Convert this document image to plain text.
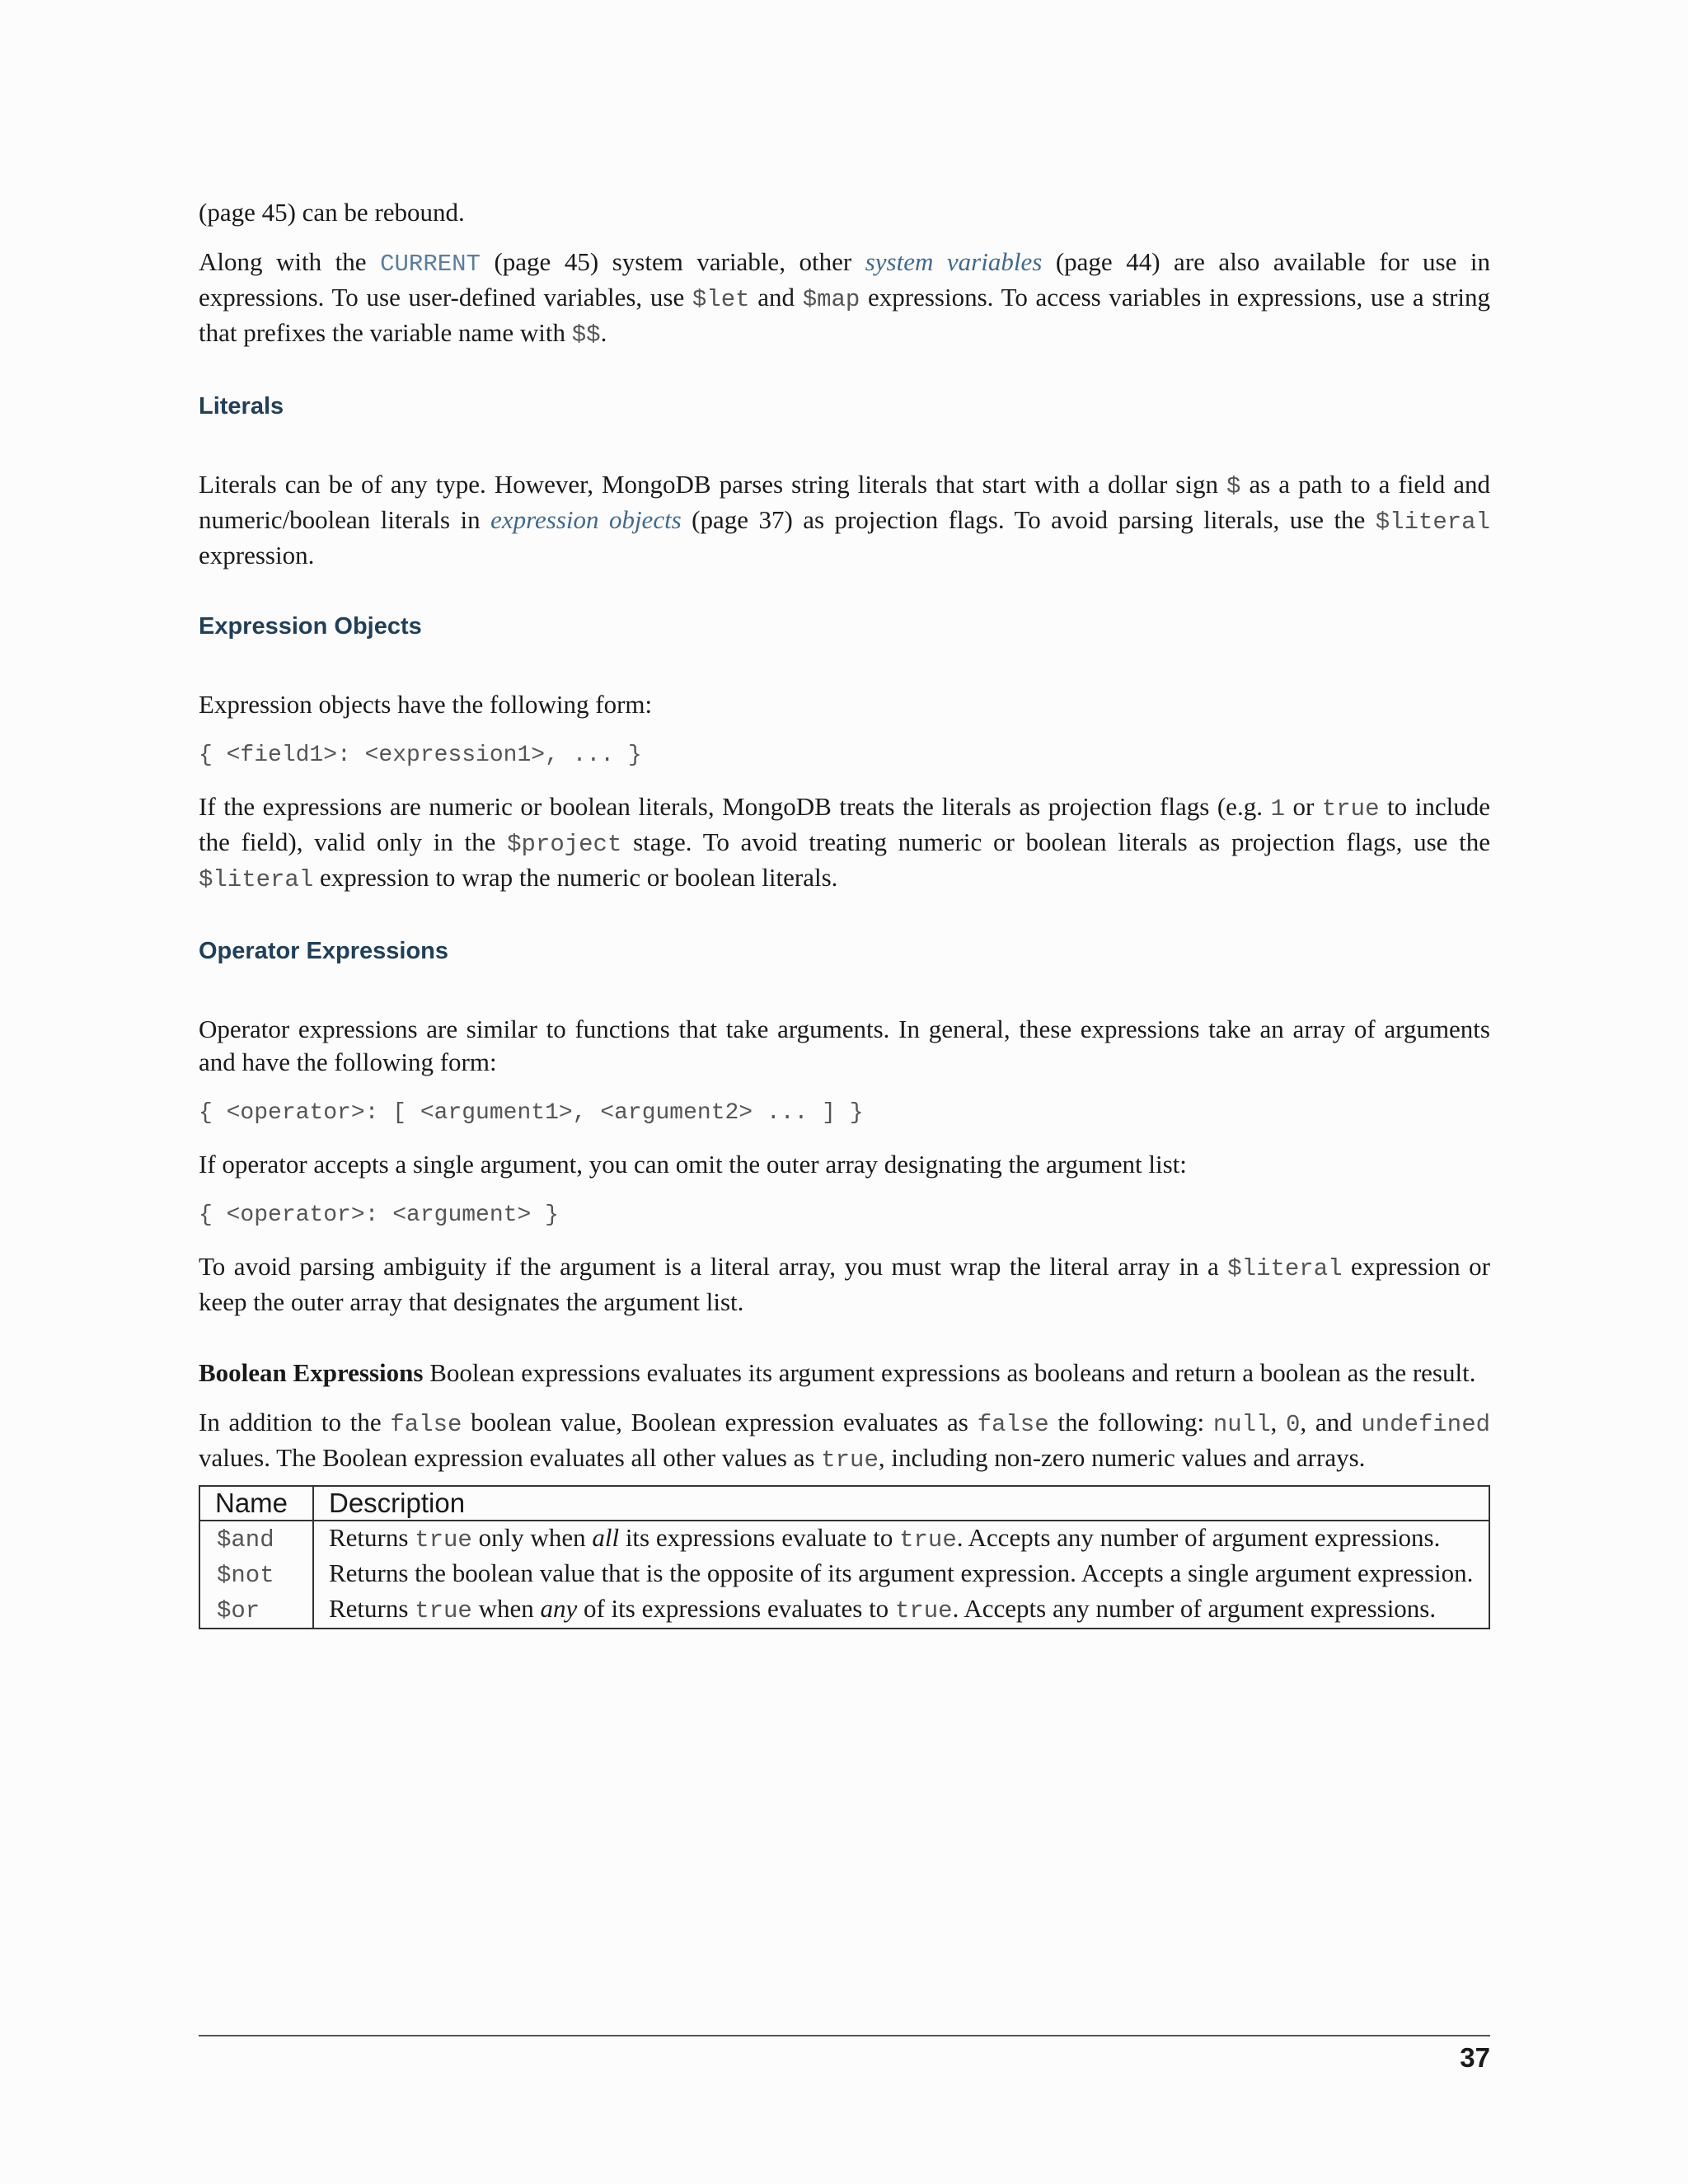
(page 45) can be rebound.

Along with the CURRENT (page 45) system variable, other system variables (page 44) are also available for use in expressions. To use user-defined variables, use $let and $map expressions. To access variables in expressions, use a string that prefixes the variable name with $$.

Literals

Literals can be of any type. However, MongoDB parses string literals that start with a dollar sign $ as a path to a field and numeric/boolean literals in expression objects (page 37) as projection flags. To avoid parsing literals, use the $literal expression.

Expression Objects

Expression objects have the following form:

{ <field1>: <expression1>, ... }

If the expressions are numeric or boolean literals, MongoDB treats the literals as projection flags (e.g. 1 or true to include the field), valid only in the $project stage. To avoid treating numeric or boolean literals as projection flags, use the $literal expression to wrap the numeric or boolean literals.

Operator Expressions

Operator expressions are similar to functions that take arguments. In general, these expressions take an array of arguments and have the following form:

{ <operator>: [ <argument1>, <argument2> ... ] }

If operator accepts a single argument, you can omit the outer array designating the argument list:

{ <operator>: <argument> }

To avoid parsing ambiguity if the argument is a literal array, you must wrap the literal array in a $literal expression or keep the outer array that designates the argument list.

Boolean Expressions Boolean expressions evaluates its argument expressions as booleans and return a boolean as the result.

In addition to the false boolean value, Boolean expression evaluates as false the following: null, 0, and undefined values. The Boolean expression evaluates all other values as true, including non-zero numeric values and arrays.

Name	Description
$and	Returns true only when all its expressions evaluate to true. Accepts any number of argument expressions.
$not	Returns the boolean value that is the opposite of its argument expression. Accepts a single argument expression.
$or	Returns true when any of its expressions evaluates to true. Accepts any number of argument expressions.
37
